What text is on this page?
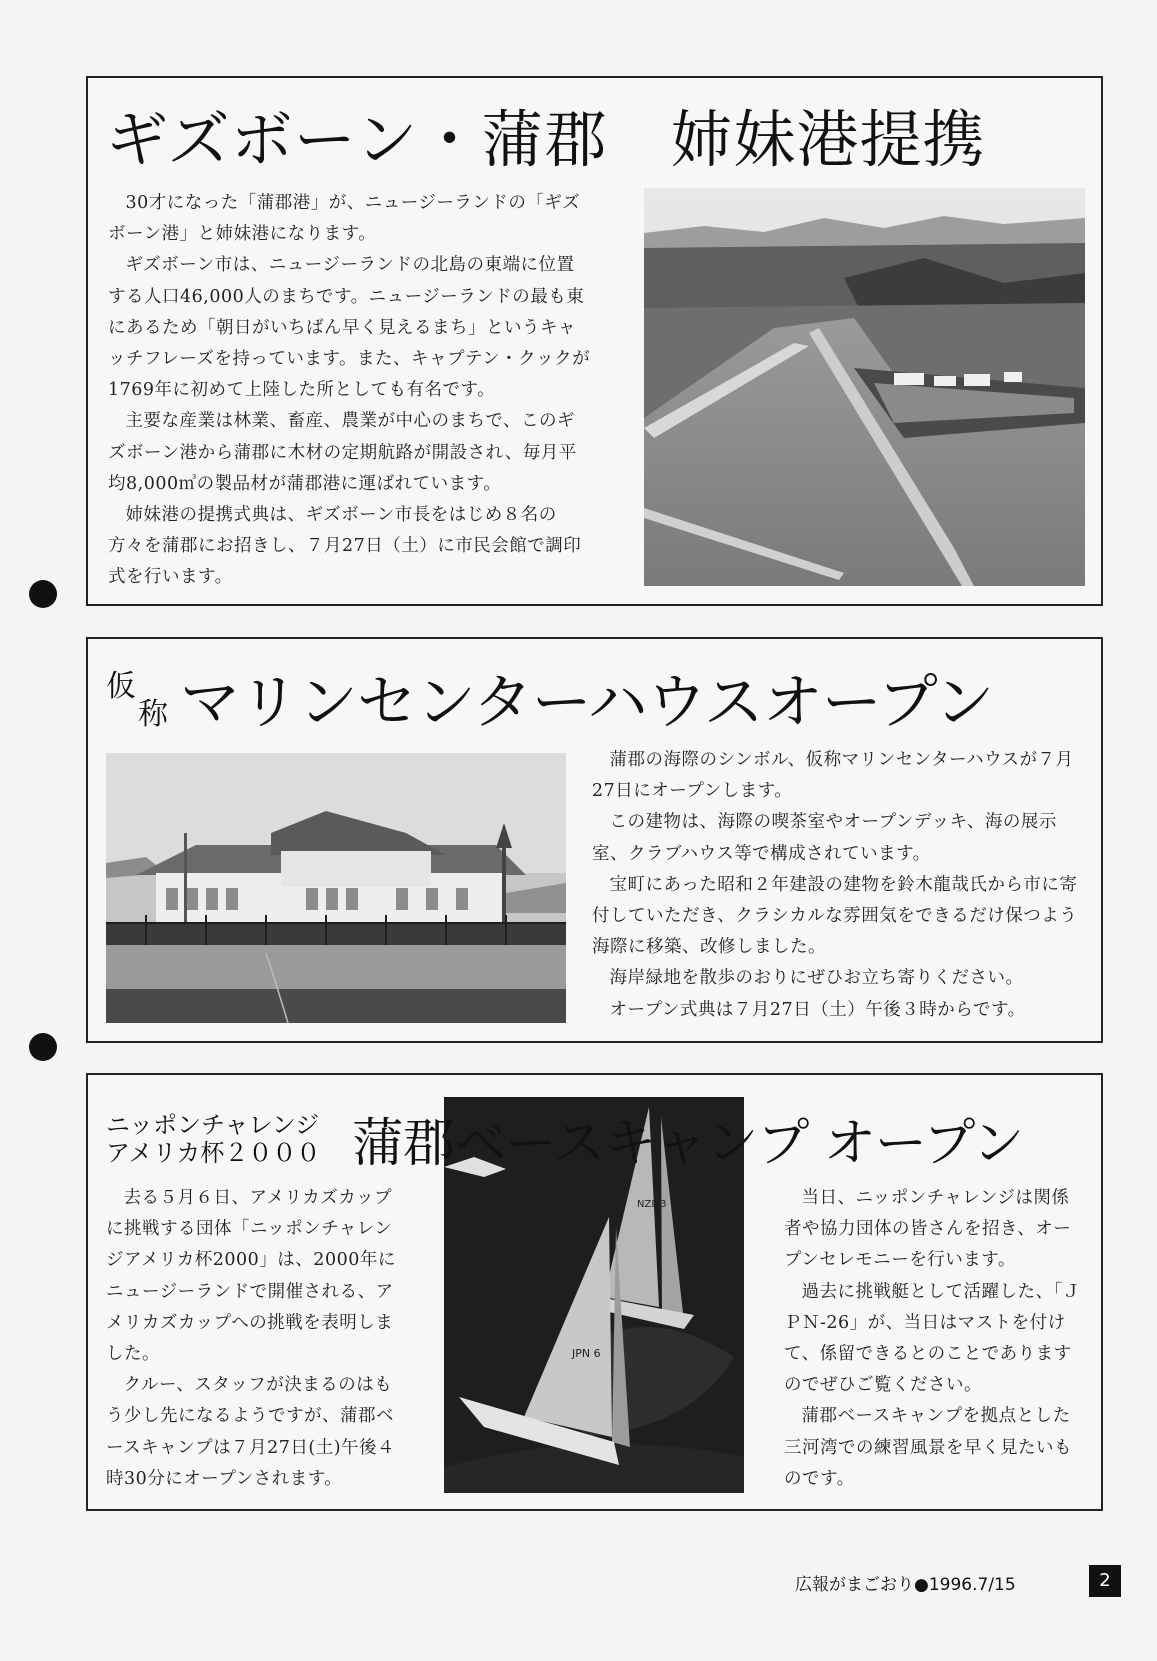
ギズボーン・蒲郡　姉妹港提携

30才になった「蒲郡港」が、ニュージーランドの「ギズボーン港」と姉妹港になります。

ギズボーン市は、ニュージーランドの北島の東端に位置する人口46,000人のまちです。ニュージーランドの最も東にあるため「朝日がいちばん早く見えるまち」というキャッチフレーズを持っています。また、キャプテン・クックが1769年に初めて上陸した所としても有名です。

主要な産業は林業、畜産、農業が中心のまちで、このギズボーン港から蒲郡に木材の定期航路が開設され、毎月平均8,000㎥の製品材が蒲郡港に運ばれています。

姉妹港の提携式典は、ギズボーン市長をはじめ８名の方々を蒲郡にお招きし、７月27日（土）に市民会館で調印式を行います。

仮
称 マリンセンターハウスオープン

蒲郡の海際のシンボル、仮称マリンセンターハウスが７月27日にオープンします。

この建物は、海際の喫茶室やオープンデッキ、海の展示室、クラブハウス等で構成されています。

宝町にあった昭和２年建設の建物を鈴木龍哉氏から市に寄付していただき、クラシカルな雰囲気をできるだけ保つよう海際に移築、改修しました。

海岸緑地を散歩のおりにぜひお立ち寄りください。

オープン式典は７月27日（土）午後３時からです。

NZL 3
JPN 6
ニッポンチャレンジ
アメリカ杯２０００ 蒲郡ベースキャンプ オープン

去る５月６日、アメリカズカップに挑戦する団体「ニッポンチャレンジアメリカ杯2000」は、2000年にニュージーランドで開催される、アメリカズカップへの挑戦を表明しました。

クルー、スタッフが決まるのはもう少し先になるようですが、蒲郡ベースキャンプは７月27日(土)午後４時30分にオープンされます。

当日、ニッポンチャレンジは関係者や協力団体の皆さんを招き、オープンセレモニーを行います。

過去に挑戦艇として活躍した、「ＪＰＮ-26」が、当日はマストを付けて、係留できるとのことでありますのでぜひご覧ください。

蒲郡ベースキャンプを拠点とした三河湾での練習風景を早く見たいものです。

広報がまごおり●1996.7/15	2
